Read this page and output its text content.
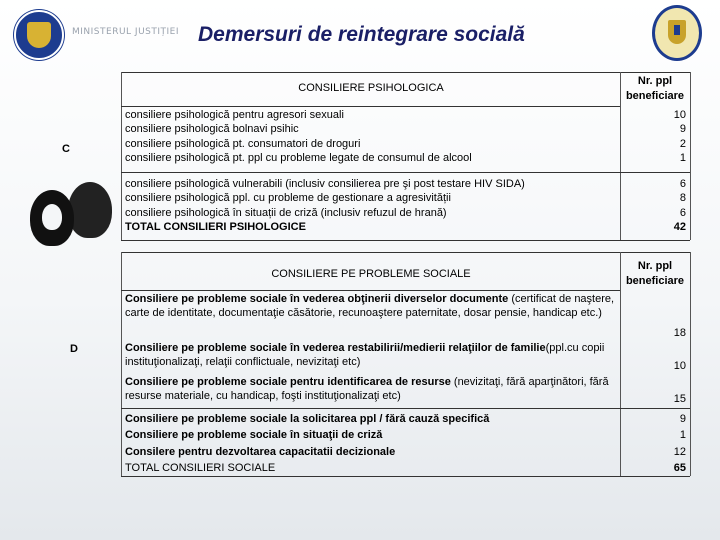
MINISTERUL JUSTIȚIEI Demersuri de reintegrare socială
CONSILIERE PSIHOLOGICA
Nr. ppl
beneficiare
C
consiliere psihologică pentru agresori sexuali
consiliere psihologică bolnavi psihic
consiliere psihologică pt. consumatori de droguri
consiliere psihologică pt. ppl cu probleme legate de consumul de alcool
10
9
2
1
consiliere psihologică vulnerabili (inclusiv consilierea pre şi post testare HIV SIDA)
consiliere psihologică ppl. cu probleme de gestionare a agresivității
consiliere psihologică în situații de criză (inclusiv refuzul de hrană)
TOTAL CONSILIERI PSIHOLOGICE
6
8
6
42
CONSILIERE PE PROBLEME SOCIALE
Nr. ppl
beneficiare
D
Consiliere pe probleme sociale în vederea obţinerii diverselor documente (certificat de naştere, carte de identitate, documentaţie căsătorie, recunoaştere paternitate, dosar pensie, handicap etc.)
18
Consiliere pe probleme sociale în vederea restabilirii/medierii relaţiilor de familie(ppl.cu copii instituţionalizaţi, relaţii conflictuale, nevizitaţi etc)	10
Consiliere pe probleme sociale pentru identificarea de resurse (nevizitaţi, fără aparţinători, fără resurse materiale, cu handicap, foşti instituţionalizaţi etc)	15
Consiliere pe probleme sociale la solicitarea ppl / fără cauză specifică
Consiliere pe probleme sociale în situaţii de criză
Consilere pentru dezvoltarea capacitatii decizionale
TOTAL CONSILIERI SOCIALE
9
1
12
65
